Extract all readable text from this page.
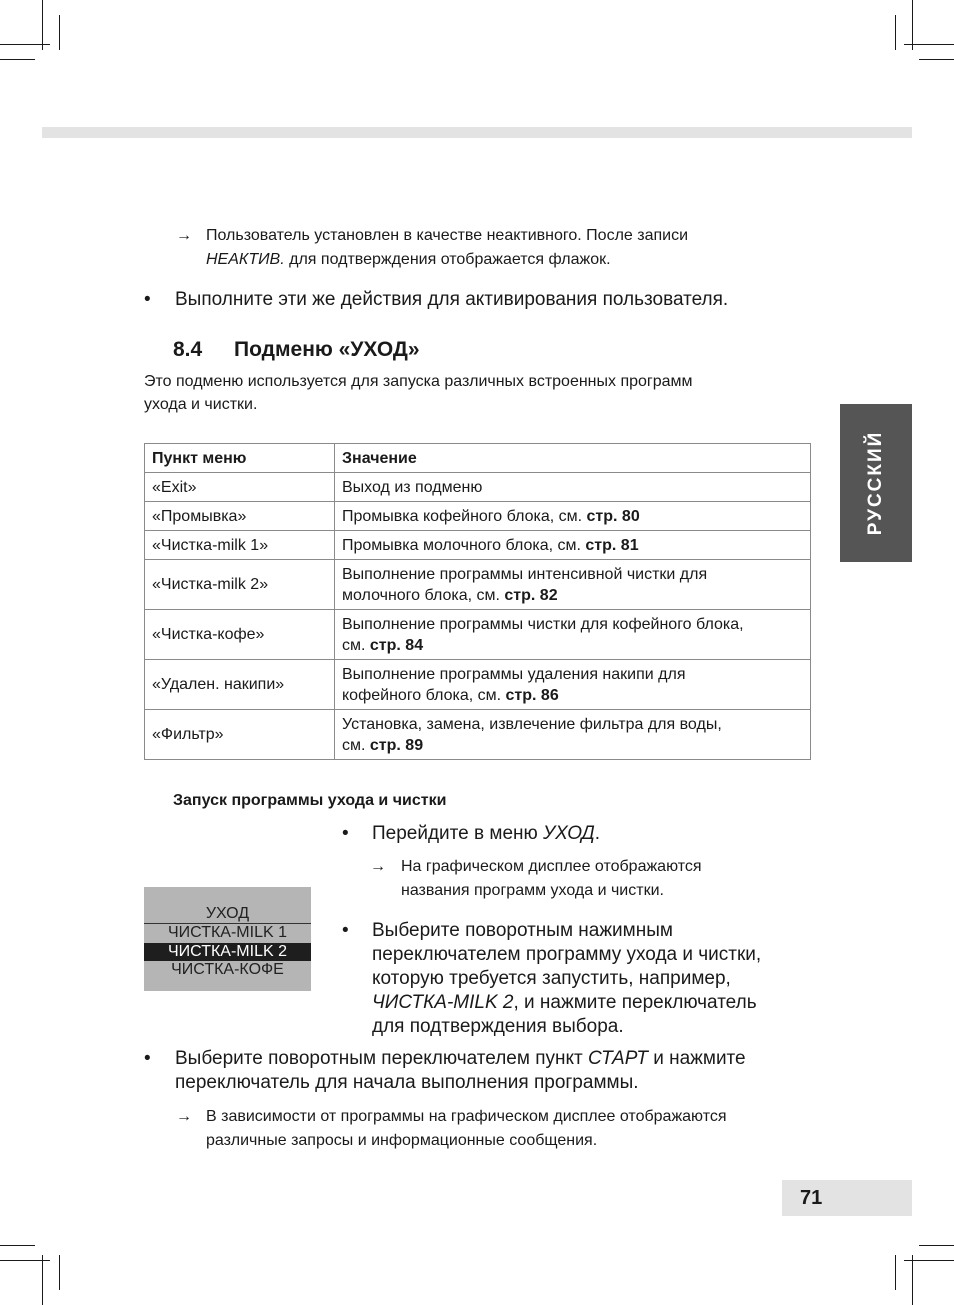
→ Пользователь установлен в качестве неактивного. После записи
НЕАКТИВ. для подтверждения отображается флажок.
•	Выполните эти же действия для активирования пользователя.
8.4 Подменю «УХОД»
Это подменю используется для запуска различных встроенных программ
ухода и чистки.
Пункт меню	Значение
«Exit»	Выход из подменю
«Промывка»	Промывка кофейного блока, см. стр. 80
«Чистка-milk 1»	Промывка молочного блока, см. стр. 81
«Чистка-milk 2»	Выполнение программы интенсивной чистки для
молочного блока, см. стр. 82

«Чистка-кофе»	Выполнение программы чистки для кофейного блока,
см. стр. 84

«Удален. накипи»	Выполнение программы удаления накипи для
кофейного блока, см. стр. 86

«Фильтр»	Установка, замена, извлечение фильтра для воды,
см. стр. 89
Запуск программы ухода и чистки
•	Перейдите в меню УХОД.
→ На графическом дисплее отображаются
названия программ ухода и чистки.
УХОД
ЧИСТКА-MILK 1
ЧИСТКА-MILK 2
ЧИСТКА-КОФЕ
• Выберите поворотным нажимным
переключателем программу ухода и чистки,
которую требуется запустить, например,
ЧИСТКА-MILK 2, и нажмите переключатель
для подтверждения выбора.
• Выберите поворотным переключателем пункт СТАРТ и нажмите
переключатель для начала выполнения программы.
→ В зависимости от программы на графическом дисплее отображаются
различные запросы и информационные сообщения.
РУССКИЙ
71
